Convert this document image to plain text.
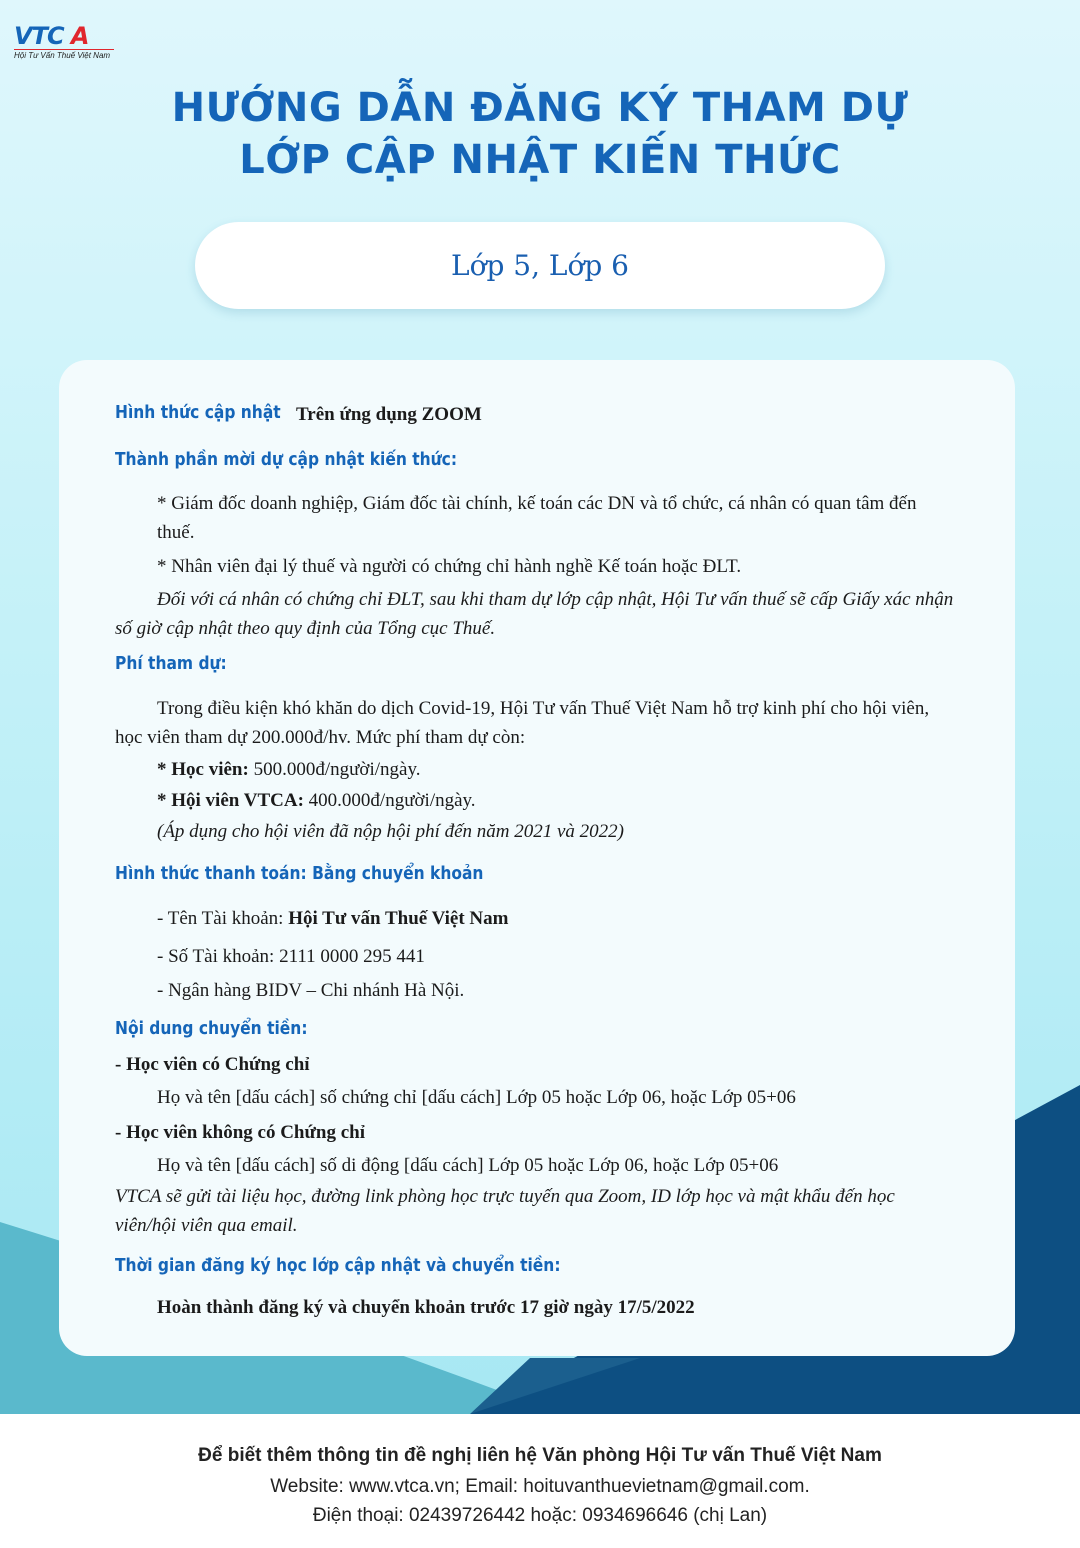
VTC A
Hội Tư Vấn Thuế Việt Nam
HƯỚNG DẪN ĐĂNG KÝ THAM DỰ
LỚP CẬP NHẬT KIẾN THỨC
Lớp 5, Lớp 6
Hình thức cập nhật Trên ứng dụng ZOOM
Thành phần mời dự cập nhật kiến thức:
* Giám đốc doanh nghiệp, Giám đốc tài chính, kế toán các DN và tổ chức, cá nhân có quan tâm đến thuế.
* Nhân viên đại lý thuế và người có chứng chỉ hành nghề Kế toán hoặc ĐLT.
Đối với cá nhân có chứng chỉ ĐLT, sau khi tham dự lớp cập nhật, Hội Tư vấn thuế sẽ cấp Giấy xác nhận số giờ cập nhật theo quy định của Tổng cục Thuế.
Phí tham dự:
Trong điều kiện khó khăn do dịch Covid-19, Hội Tư vấn Thuế Việt Nam hỗ trợ kinh phí cho hội viên, học viên tham dự 200.000đ/hv. Mức phí tham dự còn:
* Học viên: 500.000đ/người/ngày.
* Hội viên VTCA: 400.000đ/người/ngày.
(Áp dụng cho hội viên đã nộp hội phí đến năm 2021 và 2022)
Hình thức thanh toán: Bằng chuyển khoản
- Tên Tài khoản: Hội Tư vấn Thuế Việt Nam
- Số Tài khoản: 2111 0000 295 441
- Ngân hàng BIDV – Chi nhánh Hà Nội.
Nội dung chuyển tiền:
- Học viên có Chứng chỉ
Họ và tên [dấu cách] số chứng chỉ [dấu cách] Lớp 05 hoặc Lớp 06, hoặc Lớp 05+06
- Học viên không có Chứng chỉ
Họ và tên [dấu cách] số di động [dấu cách] Lớp 05 hoặc Lớp 06, hoặc Lớp 05+06
VTCA sẽ gửi tài liệu học, đường link phòng học trực tuyến qua Zoom, ID lớp học và mật khẩu đến học viên/hội viên qua email.
Thời gian đăng ký học lớp cập nhật và chuyển tiền:
Hoàn thành đăng ký và chuyển khoản trước 17 giờ ngày 17/5/2022
Để biết thêm thông tin đề nghị liên hệ Văn phòng Hội Tư vấn Thuế Việt Nam
Website: www.vtca.vn; Email: hoituvanthuevietnam@gmail.com.
Điện thoại: 02439726442 hoặc: 0934696646 (chị Lan)
